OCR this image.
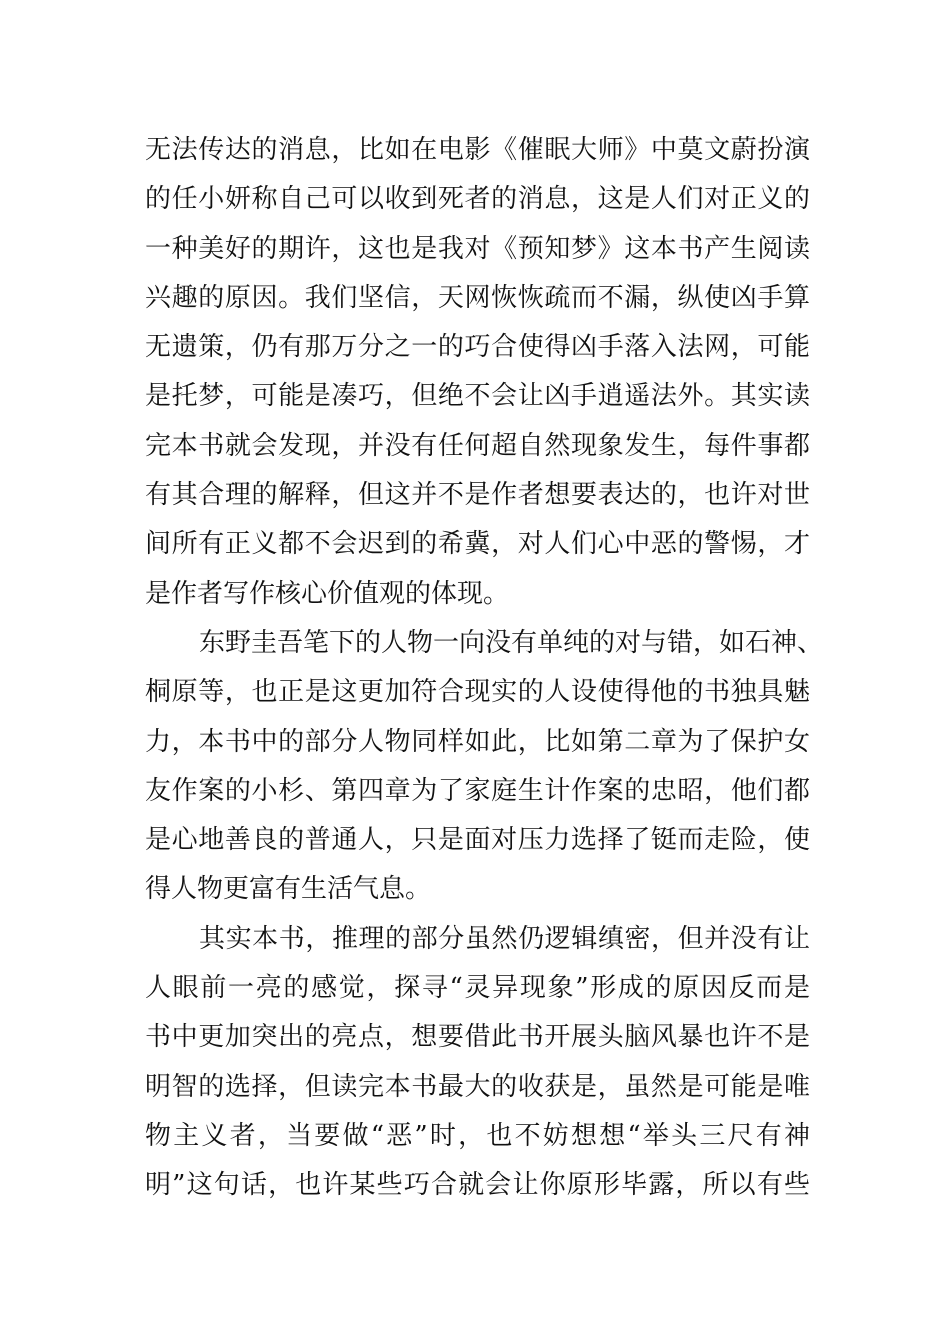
无法传达的消息，比如在电影《催眠大师》中莫文蔚扮演
的任小妍称自己可以收到死者的消息，这是人们对正义的
一种美好的期许，这也是我对《预知梦》这本书产生阅读
兴趣的原因。我们坚信，天网恢恢疏而不漏，纵使凶手算
无遗策，仍有那万分之一的巧合使得凶手落入法网，可能
是托梦，可能是凑巧，但绝不会让凶手逍遥法外。其实读
完本书就会发现，并没有任何超自然现象发生，每件事都
有其合理的解释，但这并不是作者想要表达的，也许对世
间所有正义都不会迟到的希冀，对人们心中恶的警惕，才
是作者写作核心价值观的体现。
东野圭吾笔下的人物一向没有单纯的对与错，如石神、
桐原等，也正是这更加符合现实的人设使得他的书独具魅
力，本书中的部分人物同样如此，比如第二章为了保护女
友作案的小杉、第四章为了家庭生计作案的忠昭，他们都
是心地善良的普通人，只是面对压力选择了铤而走险，使
得人物更富有生活气息。
其实本书，推理的部分虽然仍逻辑缜密，但并没有让
人眼前一亮的感觉，探寻“灵异现象”形成的原因反而是
书中更加突出的亮点，想要借此书开展头脑风暴也许不是
明智的选择，但读完本书最大的收获是，虽然是可能是唯
物主义者，当要做“恶”时，也不妨想想“举头三尺有神
明”这句话，也许某些巧合就会让你原形毕露，所以有些
